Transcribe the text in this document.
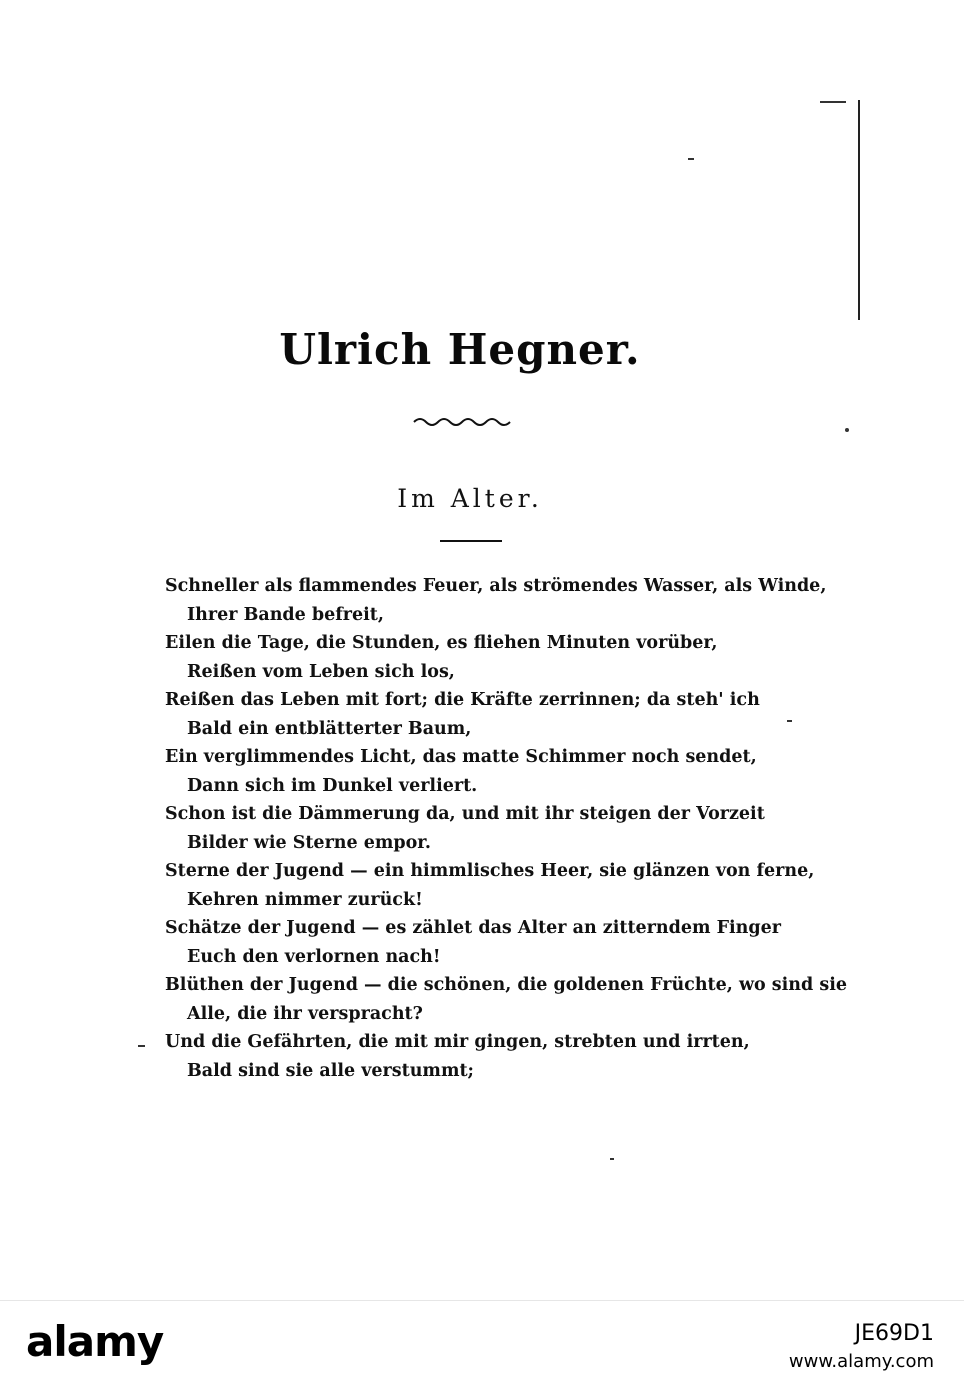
Ulrich Hegner.
Im Alter.
Schneller als flammendes Feuer, als strömendes Wasser, als Winde,
Ihrer Bande befreit,
Eilen die Tage, die Stunden, es fliehen Minuten vorüber,
Reißen vom Leben sich los,
Reißen das Leben mit fort; die Kräfte zerrinnen; da steh' ich
Bald ein entblätterter Baum,
Ein verglimmendes Licht, das matte Schimmer noch sendet,
Dann sich im Dunkel verliert.
Schon ist die Dämmerung da, und mit ihr steigen der Vorzeit
Bilder wie Sterne empor.
Sterne der Jugend — ein himmlisches Heer, sie glänzen von ferne,
Kehren nimmer zurück!
Schätze der Jugend — es zählet das Alter an zitterndem Finger
Euch den verlornen nach!
Blüthen der Jugend — die schönen, die goldenen Früchte, wo sind sie
Alle, die ihr verspracht?
Und die Gefährten, die mit mir gingen, strebten und irrten,
Bald sind sie alle verstummt;
alamy	JE69D1
www.alamy.com
